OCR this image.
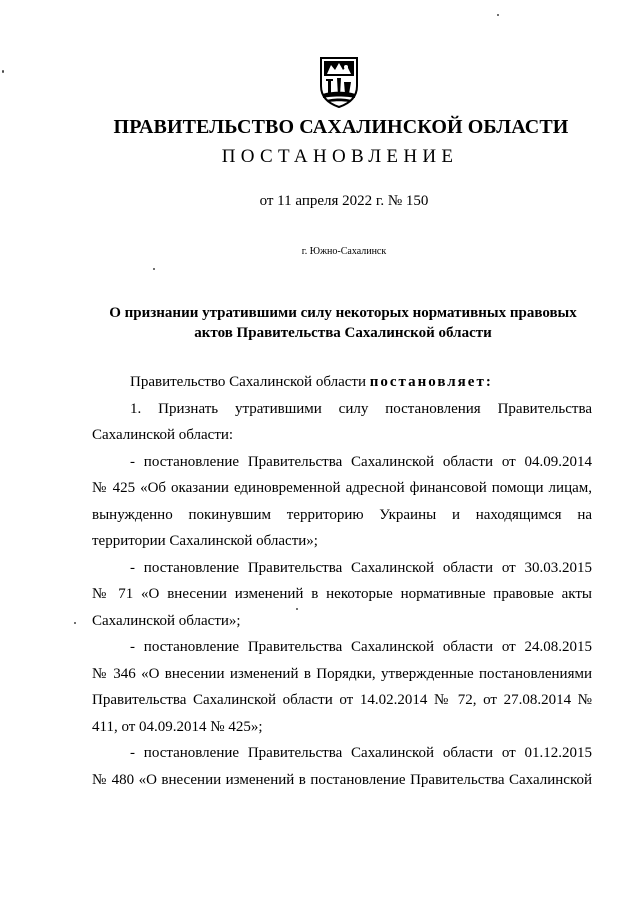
ПРАВИТЕЛЬСТВО САХАЛИНСКОЙ ОБЛАСТИ
ПОСТАНОВЛЕНИЕ
от 11 апреля 2022 г. № 150
г. Южно-Сахалинск
О признании утратившими силу некоторых нормативных правовых
актов Правительства Сахалинской области

Правительство Сахалинской области постановляет:

1.   Признать   утратившими   силу   постановления   Правительства

Сахалинской области:

- постановление Правительства Сахалинской области от 04.09.2014

№ 425 «Об оказании единовременной адресной финансовой помощи лицам, вынужденно покинувшим территорию Украины и находящимся на территории Сахалинской области»;

- постановление Правительства Сахалинской области от 30.03.2015

№ 71 «О внесении изменений в некоторые нормативные правовые акты Сахалинской области»;

- постановление Правительства Сахалинской области от 24.08.2015

№ 346 «О внесении изменений в Порядки, утвержденные постановлениями Правительства Сахалинской области от 14.02.2014 № 72, от 27.08.2014 № 411, от 04.09.2014 № 425»;

- постановление Правительства Сахалинской области от 01.12.2015

№ 480 «О внесении изменений в постановление Правительства Сахалинской
